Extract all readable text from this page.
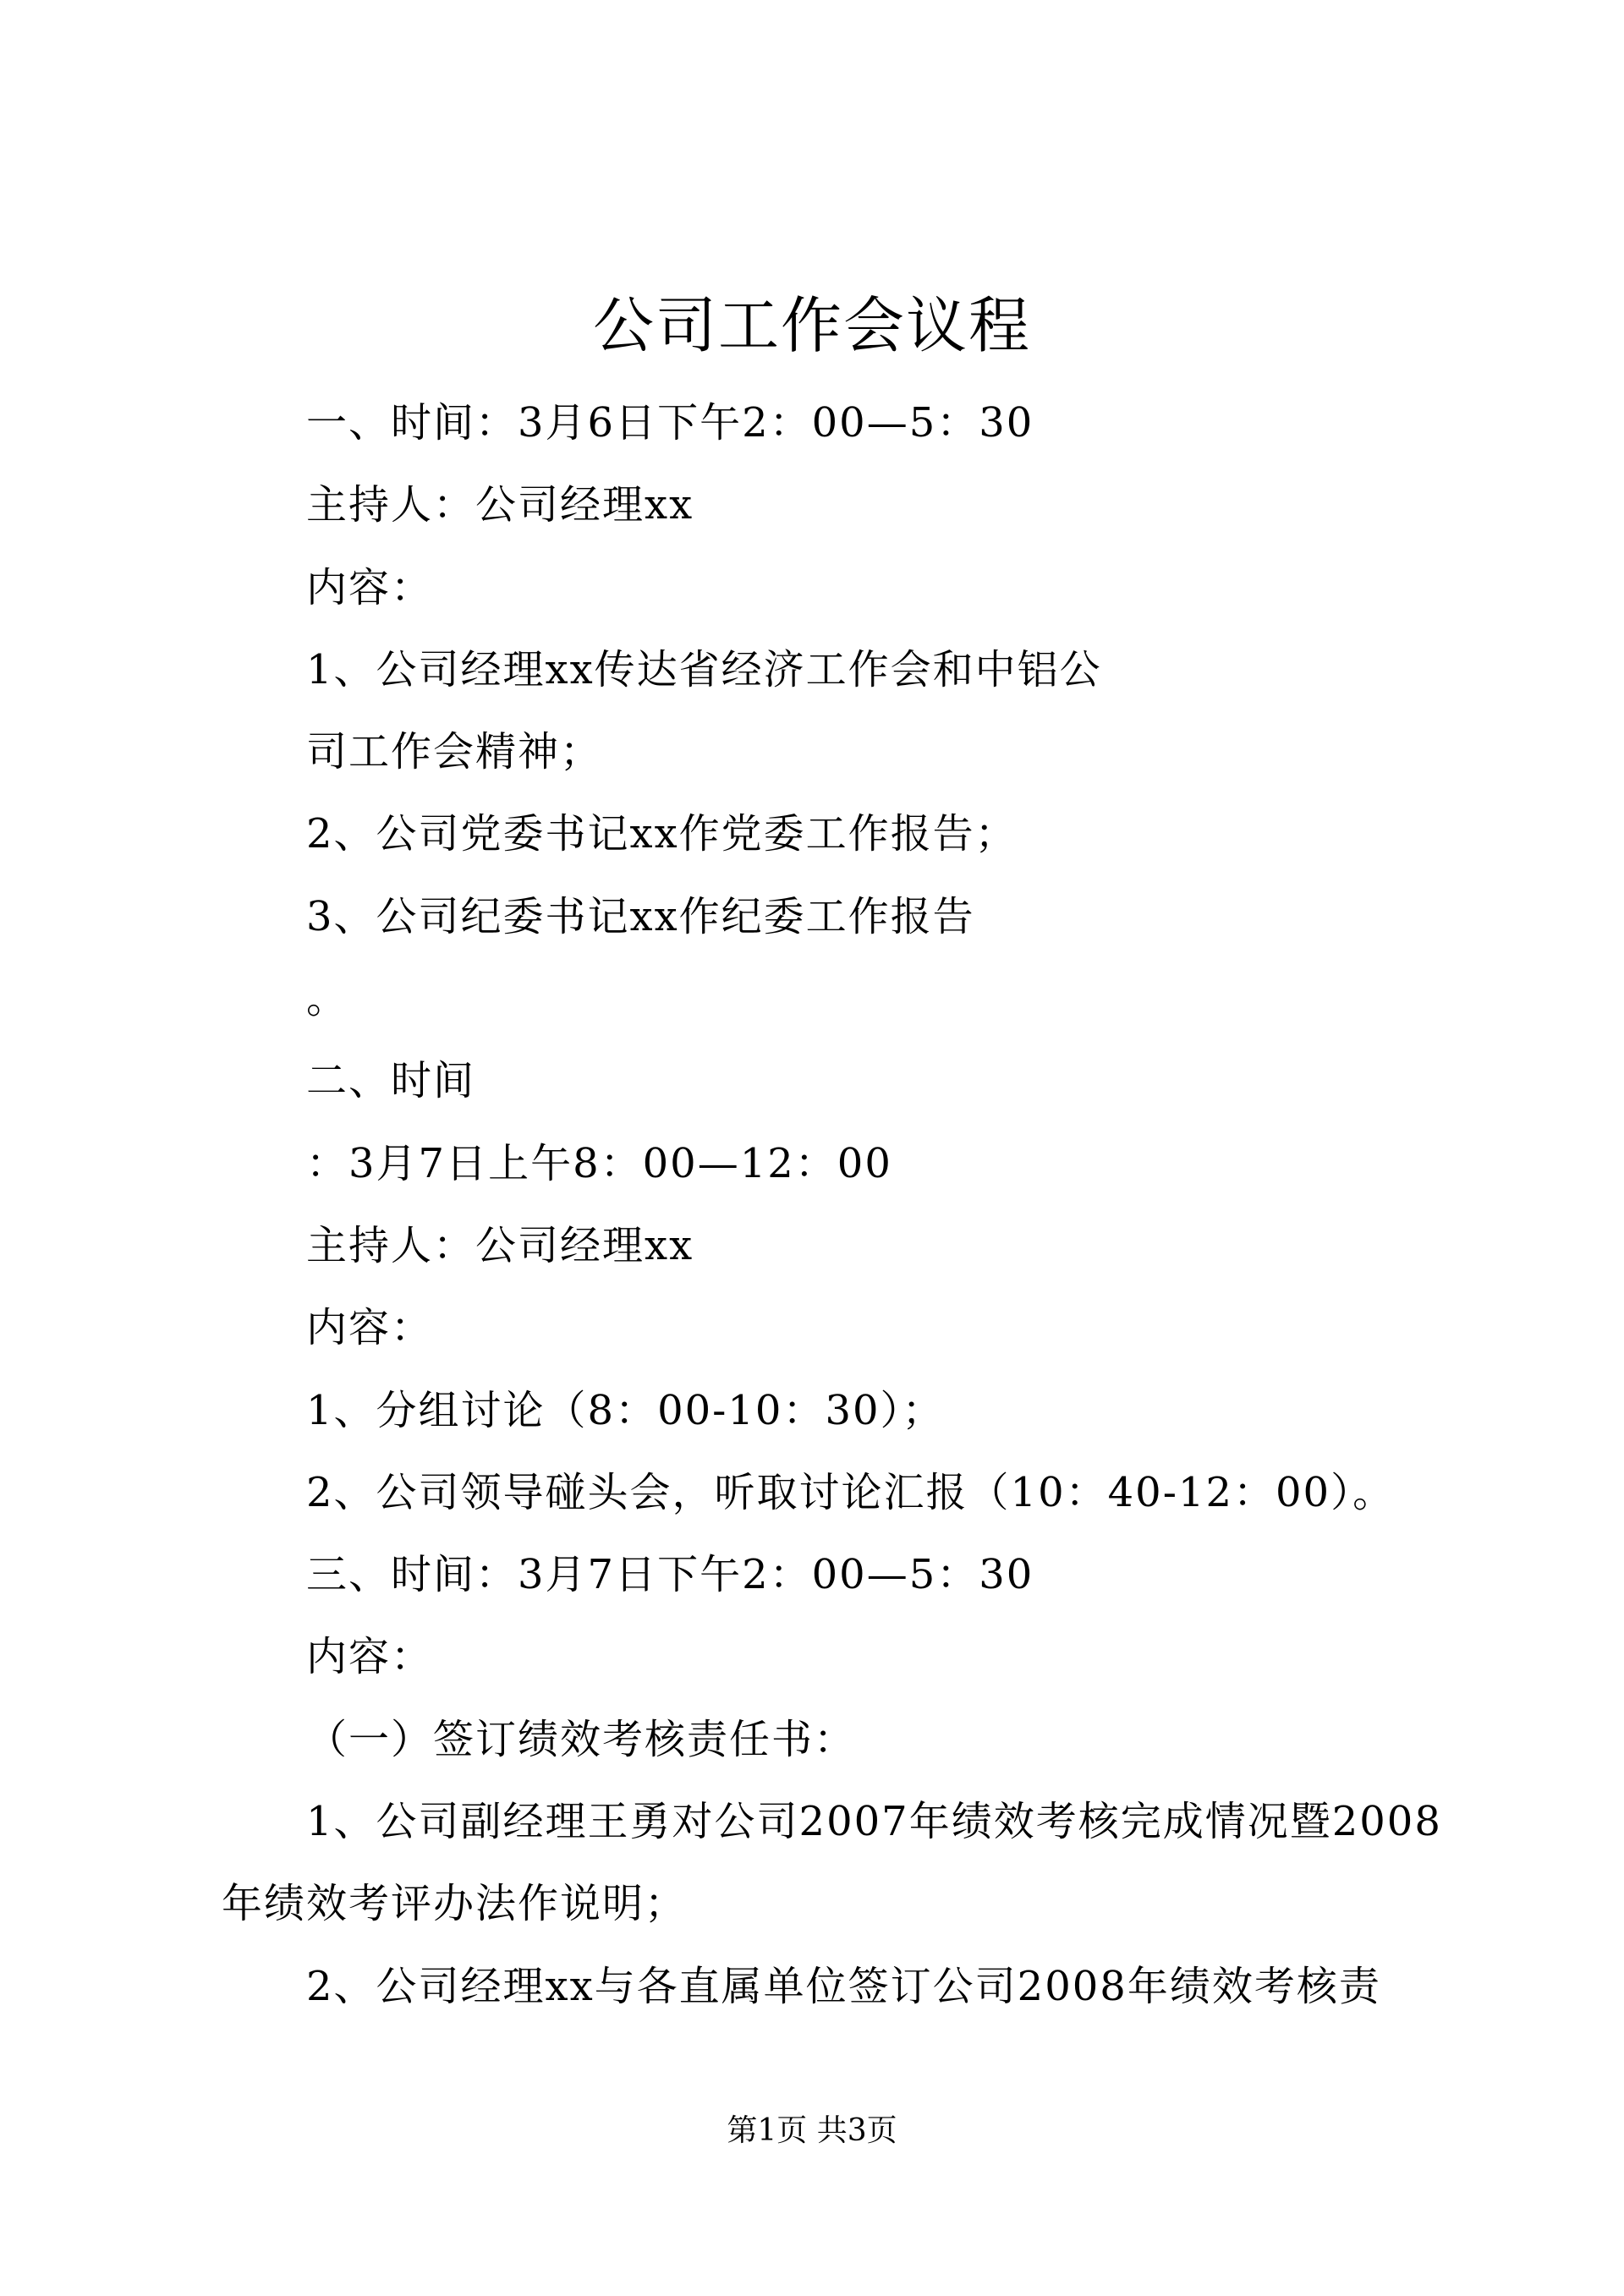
公司工作会议程
一、时间：3月6日下午2：00—5：30
主持人：公司经理xx
内容：
1、公司经理xx传达省经济工作会和中铝公
司工作会精神；
2、公司党委书记xx作党委工作报告；
3、公司纪委书记xx作纪委工作报告
。
二、时间
：3月7日上午8：00—12：00
主持人：公司经理xx
内容：
1、分组讨论（8：00-10：30）；
2、公司领导碰头会，听取讨论汇报（10：40-12：00）。
三、时间：3月7日下午2：00—5：30
内容：
（一）签订绩效考核责任书：
1、公司副经理王勇对公司2007年绩效考核完成情况暨2008
年绩效考评办法作说明；
2、公司经理xx与各直属单位签订公司2008年绩效考核责
第1页 共3页
